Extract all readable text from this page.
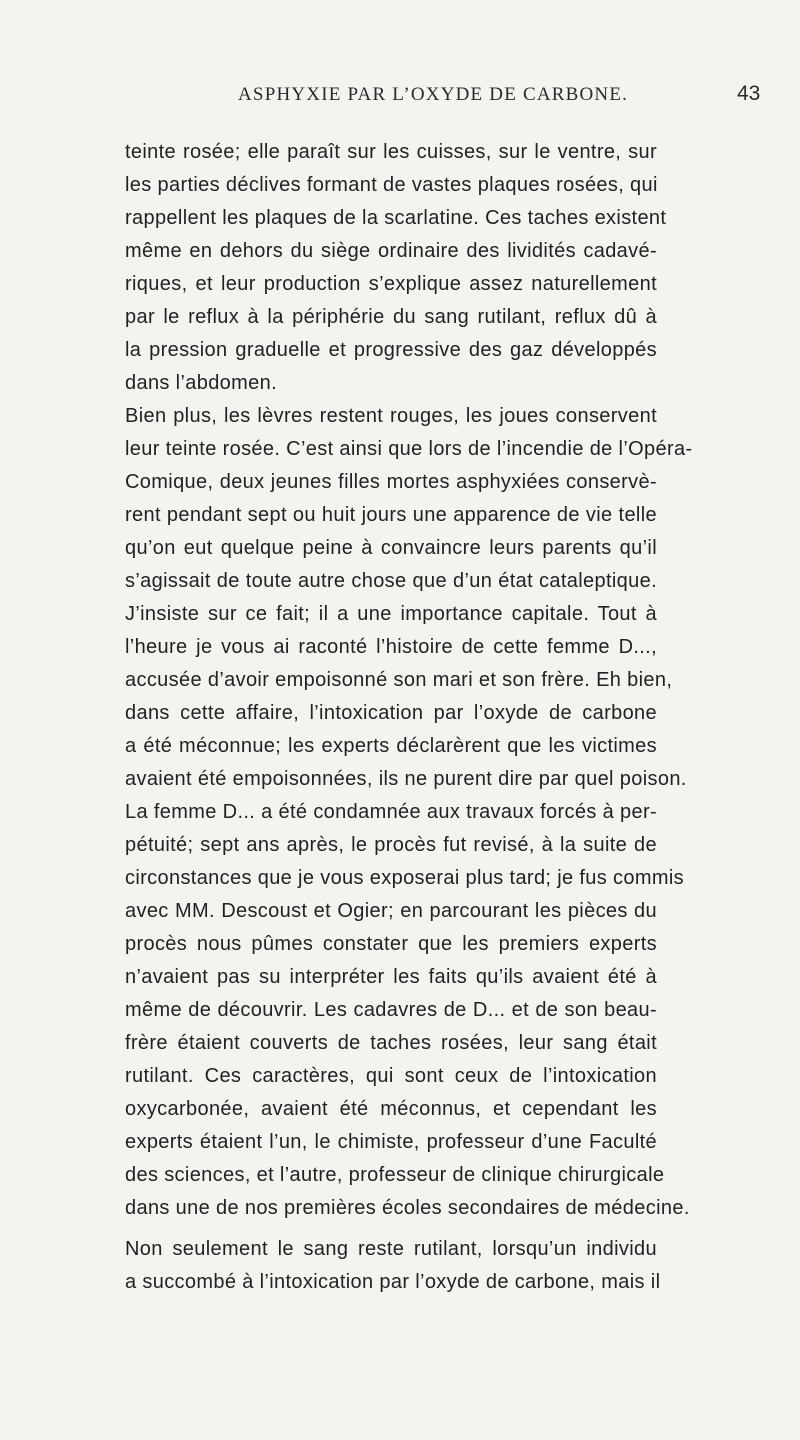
ASPHYXIE PAR L’OXYDE DE CARBONE.	43
teinte rosée; elle paraît sur les cuisses, sur le ventre, sur
les parties déclives formant de vastes plaques rosées, qui
rappellent les plaques de la scarlatine. Ces taches existent
même en dehors du siège ordinaire des lividités cadavé-
riques, et leur production s’explique assez naturellement
par le reflux à la périphérie du sang rutilant, reflux dû à
la pression graduelle et progressive des gaz développés
dans l’abdomen.
Bien plus, les lèvres restent rouges, les joues conservent
leur teinte rosée. C’est ainsi que lors de l’incendie de l’Opéra-
Comique, deux jeunes filles mortes asphyxiées conservè-
rent pendant sept ou huit jours une apparence de vie telle
qu’on eut quelque peine à convaincre leurs parents qu’il
s’agissait de toute autre chose que d’un état cataleptique.
J’insiste sur ce fait; il a une importance capitale. Tout à
l’heure je vous ai raconté l’histoire de cette femme D...,
accusée d’avoir empoisonné son mari et son frère. Eh bien,
dans cette affaire, l’intoxication par l’oxyde de carbone
a été méconnue; les experts déclarèrent que les victimes
avaient été empoisonnées, ils ne purent dire par quel poison.
La femme D... a été condamnée aux travaux forcés à per-
pétuité; sept ans après, le procès fut revisé, à la suite de
circonstances que je vous exposerai plus tard; je fus commis
avec MM. Descoust et Ogier; en parcourant les pièces du
procès nous pûmes constater que les premiers experts
n’avaient pas su interpréter les faits qu’ils avaient été à
même de découvrir. Les cadavres de D... et de son beau-
frère étaient couverts de taches rosées, leur sang était
rutilant. Ces caractères, qui sont ceux de l’intoxication
oxycarbonée, avaient été méconnus, et cependant les
experts étaient l’un, le chimiste, professeur d’une Faculté
des sciences, et l’autre, professeur de clinique chirurgicale
dans une de nos premières écoles secondaires de médecine.
Non seulement le sang reste rutilant, lorsqu’un individu
a succombé à l’intoxication par l’oxyde de carbone, mais il
